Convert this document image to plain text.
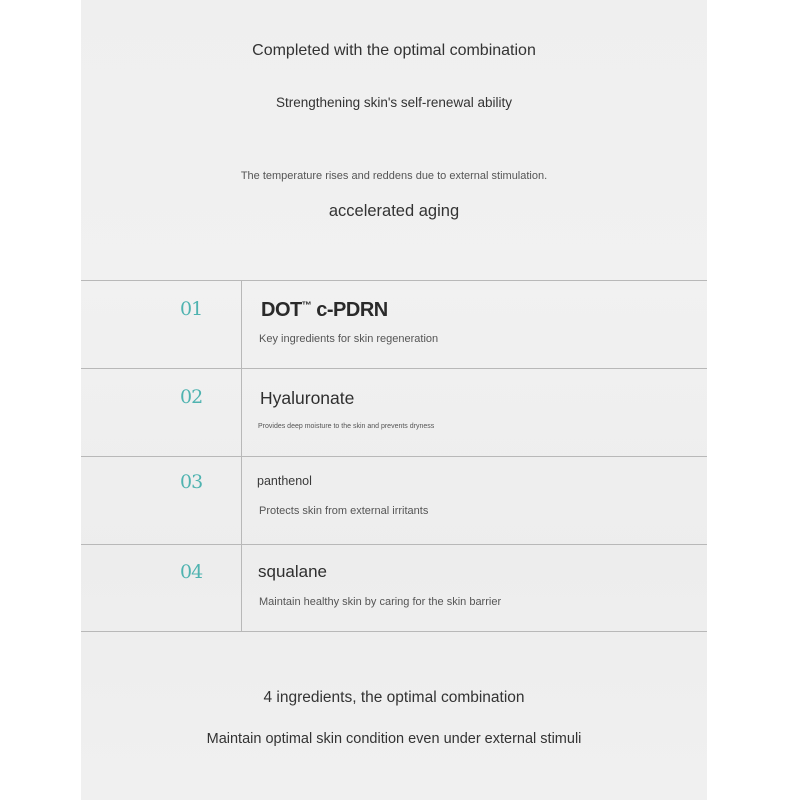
Completed with the optimal combination
Strengthening skin's self-renewal ability
The temperature rises and reddens due to external stimulation.
accelerated aging
01	DOT™ c-PDRN
Key ingredients for skin regeneration
02	Hyaluronate
Provides deep moisture to the skin and prevents dryness
03	panthenol
Protects skin from external irritants
04	squalane
Maintain healthy skin by caring for the skin barrier
4 ingredients, the optimal combination
Maintain optimal skin condition even under external stimuli
